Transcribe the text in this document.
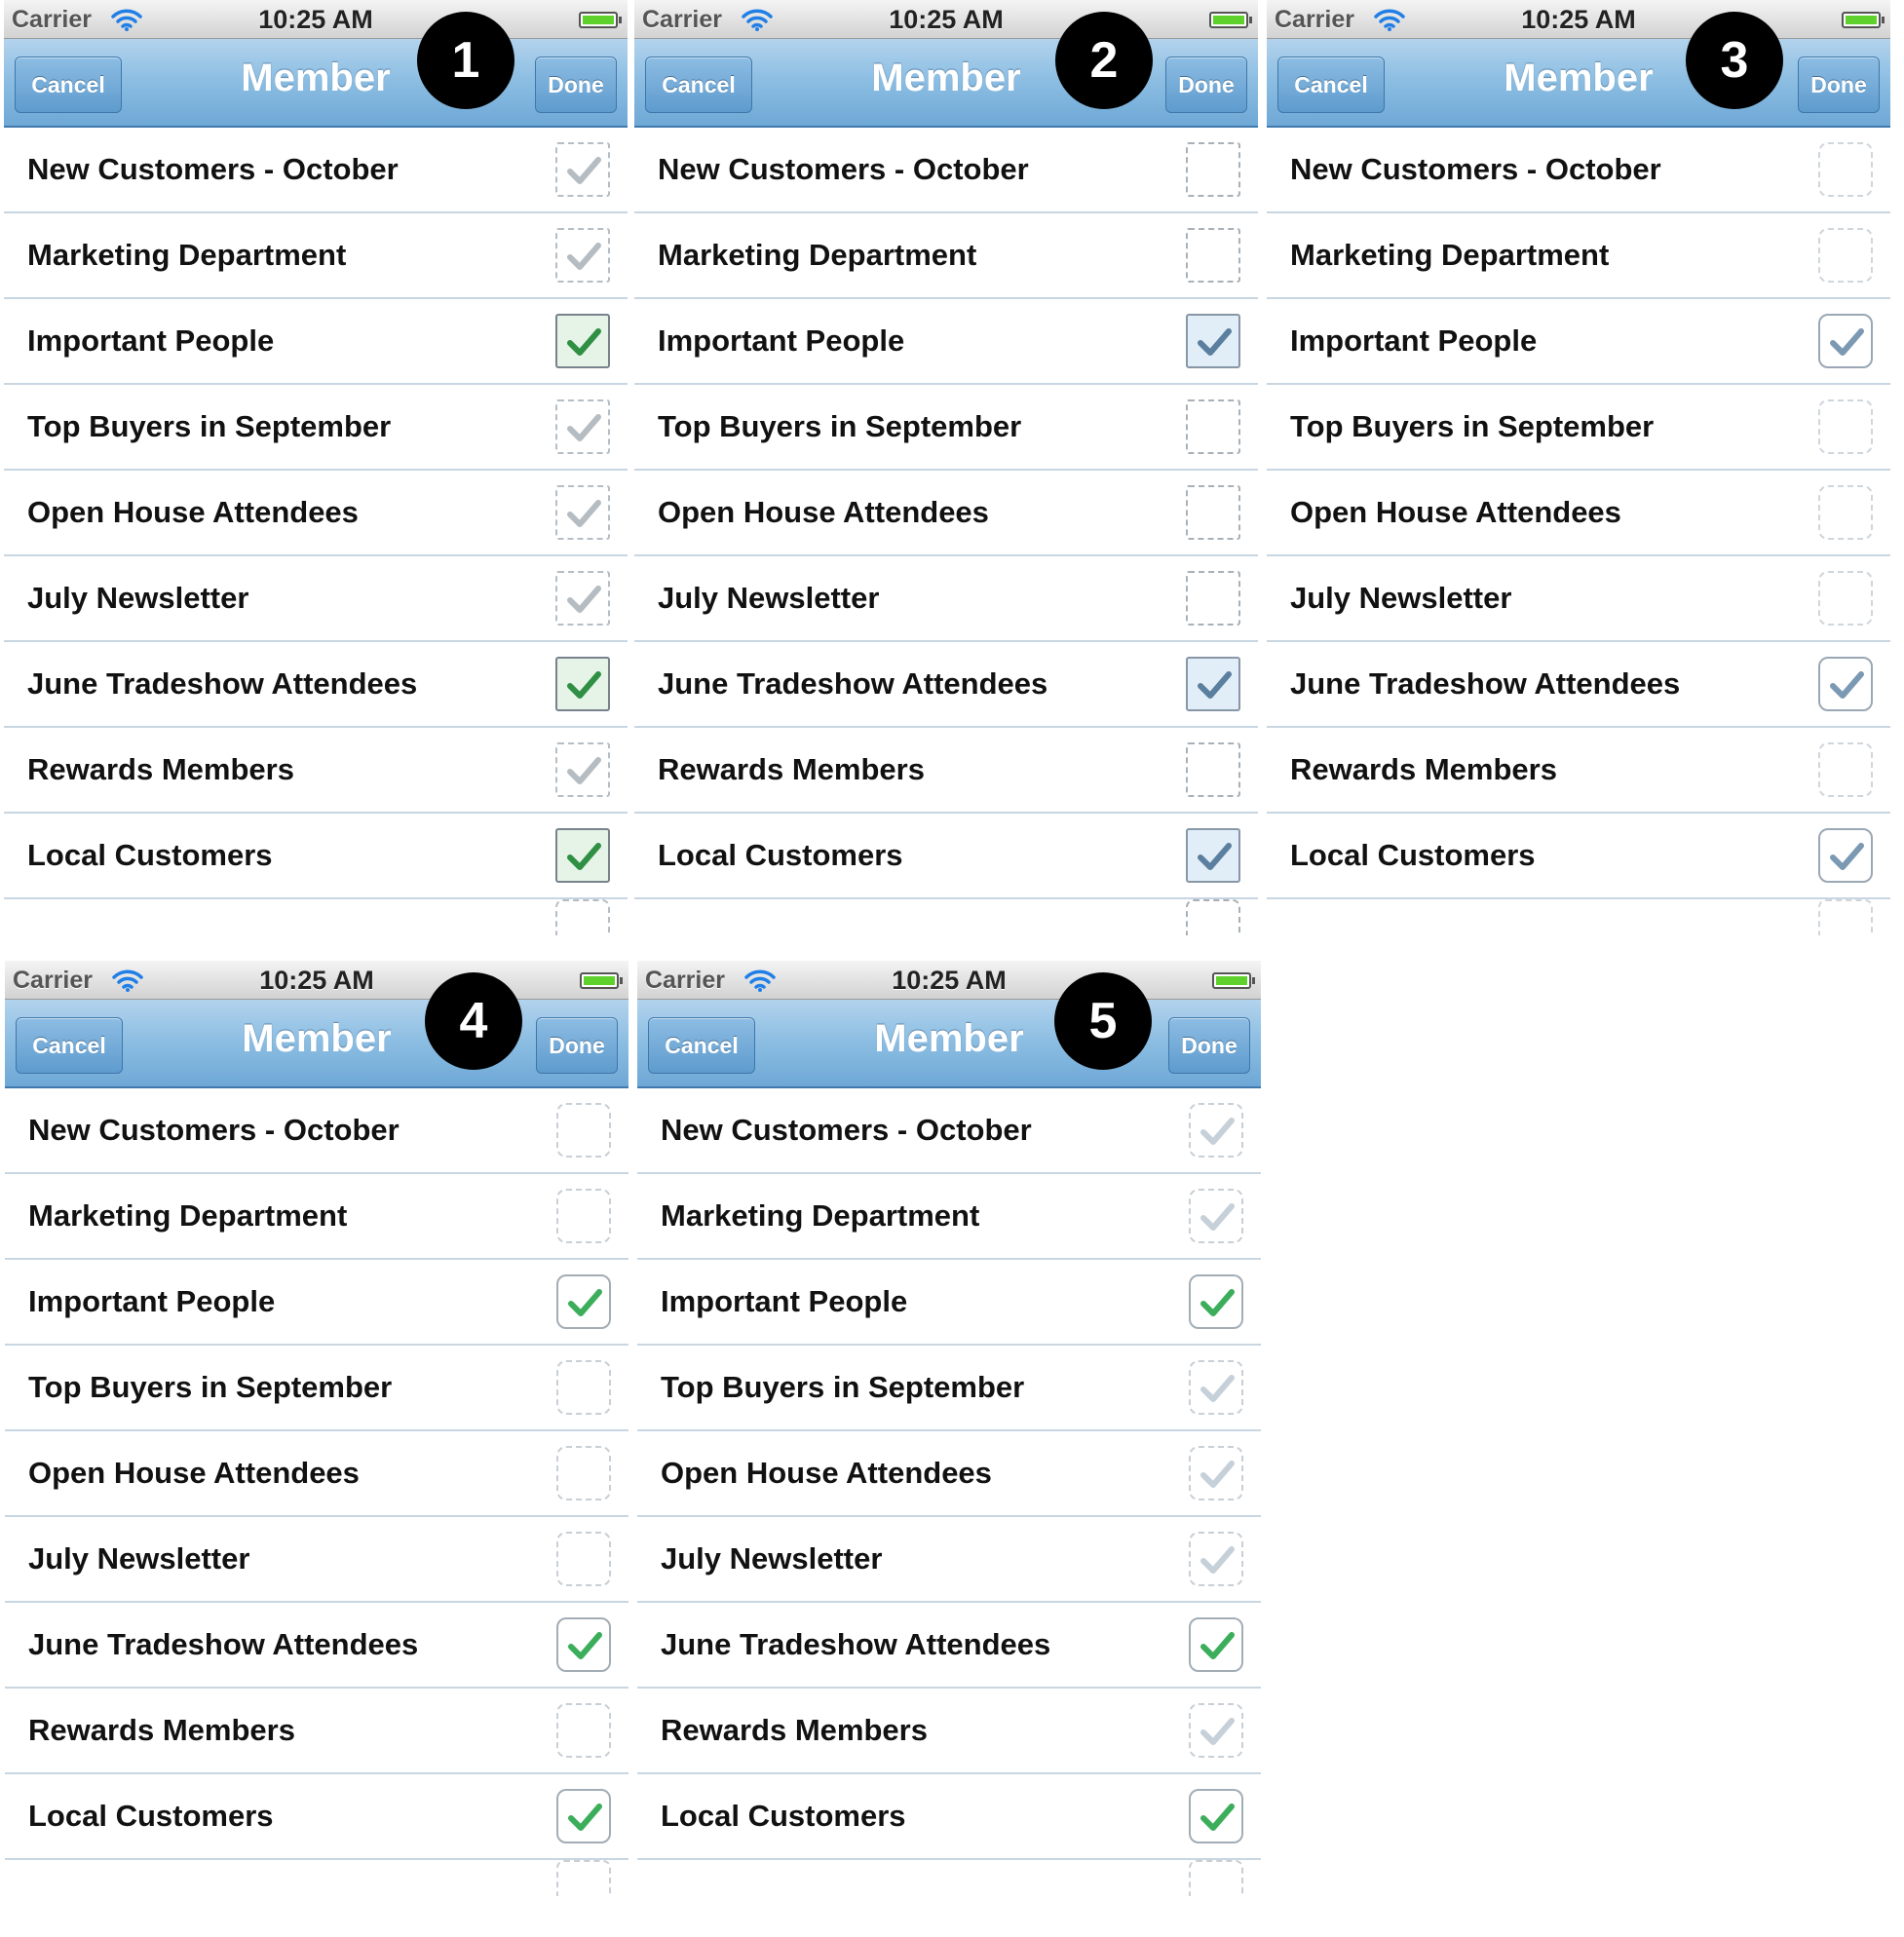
Carrier	10:25 AM
Cancel	Member	Done
New Customers - October
Marketing Department
Important People
Top Buyers in September
Open House Attendees
July Newsletter
June Tradeshow Attendees
Rewards Members
Local Customers
1
Carrier	10:25 AM
Cancel	Member	Done
New Customers - October
Marketing Department
Important People
Top Buyers in September
Open House Attendees
July Newsletter
June Tradeshow Attendees
Rewards Members
Local Customers
2
Carrier	10:25 AM
Cancel	Member	Done
New Customers - October
Marketing Department
Important People
Top Buyers in September
Open House Attendees
July Newsletter
June Tradeshow Attendees
Rewards Members
Local Customers
3
Carrier	10:25 AM
Cancel	Member	Done
New Customers - October
Marketing Department
Important People
Top Buyers in September
Open House Attendees
July Newsletter
June Tradeshow Attendees
Rewards Members
Local Customers
4
Carrier	10:25 AM
Cancel	Member	Done
New Customers - October
Marketing Department
Important People
Top Buyers in September
Open House Attendees
July Newsletter
June Tradeshow Attendees
Rewards Members
Local Customers
5
